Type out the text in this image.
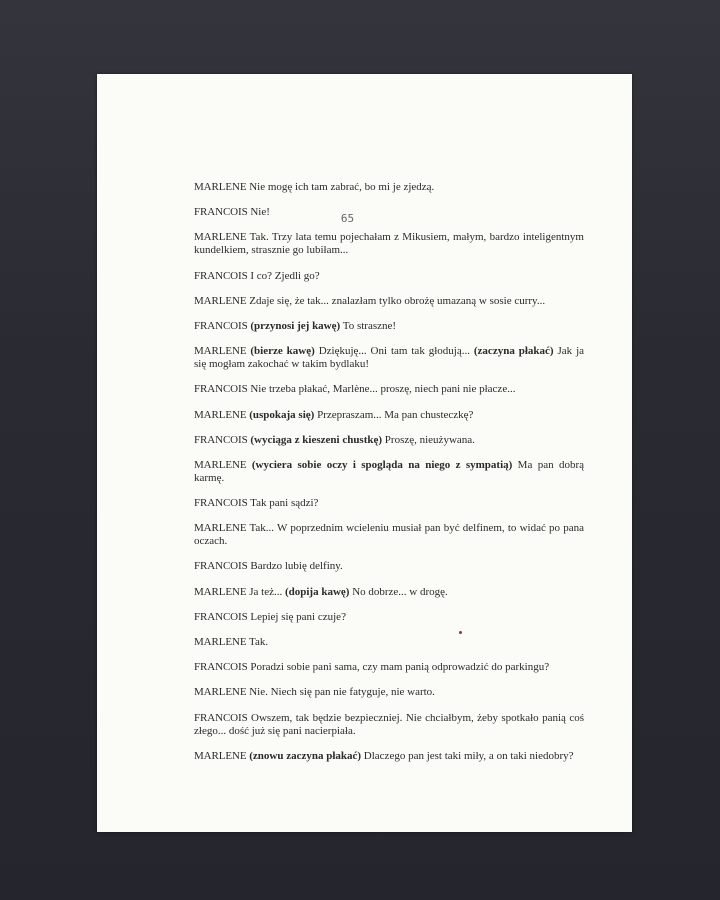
65

MARLENE Nie mogę ich tam zabrać, bo mi je zjedzą.

FRANCOIS Nie!

MARLENE Tak. Trzy lata temu pojechałam z Mikusiem, małym, bardzo inteligentnym kundelkiem, strasznie go lubiłam...

FRANCOIS I co? Zjedli go?

MARLENE Zdaje się, że tak... znalazłam tylko obrożę umazaną w sosie curry...

FRANCOIS (przynosi jej kawę) To straszne!

MARLENE (bierze kawę) Dziękuję... Oni tam tak głodują... (zaczyna płakać) Jak ja się mogłam zakochać w takim bydlaku!

FRANCOIS Nie trzeba płakać, Marlène... proszę, niech pani nie płacze...

MARLENE (uspokaja się) Przepraszam... Ma pan chusteczkę?

FRANCOIS (wyciąga z kieszeni chustkę) Proszę, nieużywana.

MARLENE (wyciera sobie oczy i spogląda na niego z sympatią) Ma pan dobrą karmę.

FRANCOIS Tak pani sądzi?

MARLENE Tak... W poprzednim wcieleniu musiał pan być delfinem, to widać po pana oczach.

FRANCOIS Bardzo lubię delfiny.

MARLENE Ja też... (dopija kawę) No dobrze... w drogę.

FRANCOIS Lepiej się pani czuje?

MARLENE Tak.

FRANCOIS Poradzi sobie pani sama, czy mam panią odprowadzić do parkingu?

MARLENE Nie. Niech się pan nie fatyguje, nie warto.

FRANCOIS Owszem, tak będzie bezpieczniej. Nie chciałbym, żeby spotkało panią coś złego... dość już się pani nacierpiała.

MARLENE (znowu zaczyna płakać) Dlaczego pan jest taki miły, a on taki niedobry?
